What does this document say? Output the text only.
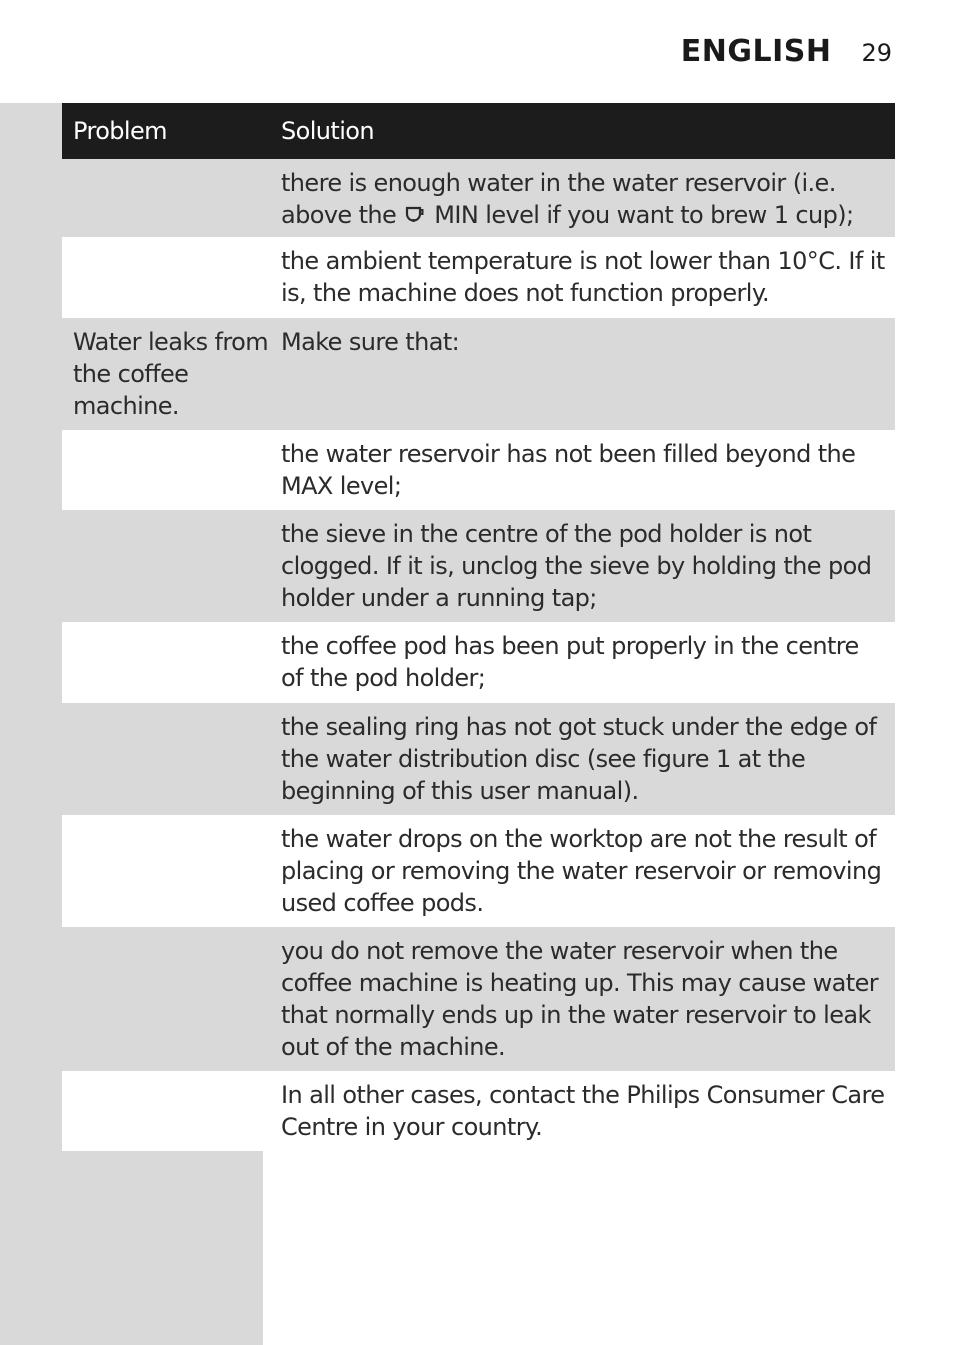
ENGLISH 29
Problem	Solution
there is enough water in the water reservoir (i.e. above the MIN level if you want to brew 1 cup);
the ambient temperature is not lower than 10°C. If it is, the machine does not function properly.
Water leaks from the coffee machine.
Make sure that:
the water reservoir has not been filled beyond the MAX level;
the sieve in the centre of the pod holder is not clogged. If it is, unclog the sieve by holding the pod holder under a running tap;
the coffee pod has been put properly in the centre of the pod holder;
the sealing ring has not got stuck under the edge of the water distribution disc (see figure 1 at the beginning of this user manual).
the water drops on the worktop are not the result of placing or removing the water reservoir or removing used coffee pods.
you do not remove the water reservoir when the coffee machine is heating up. This may cause water that normally ends up in the water reservoir to leak out of the machine.
In all other cases, contact the Philips Consumer Care Centre in your country.
